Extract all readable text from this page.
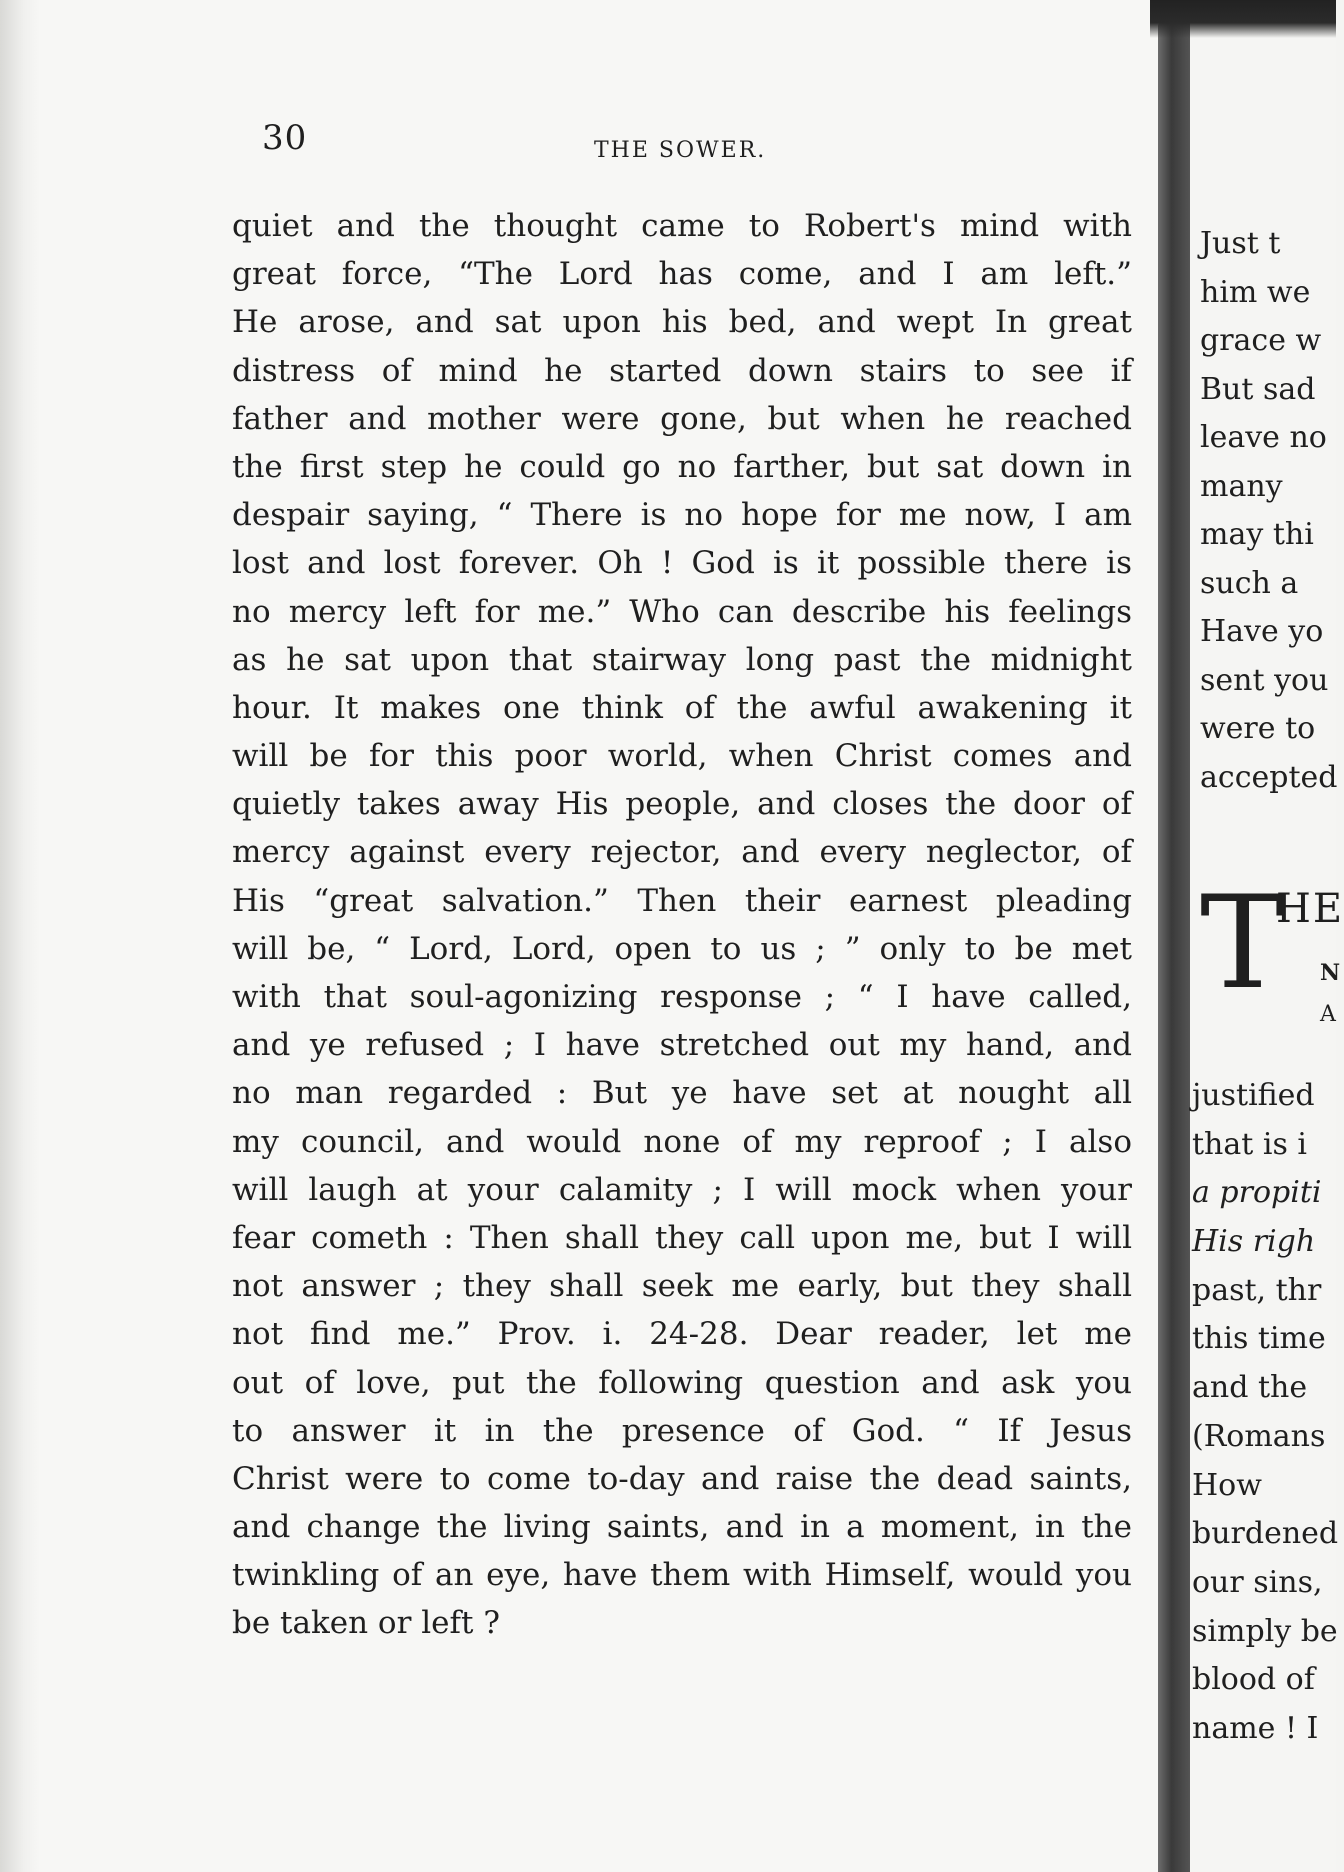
30	THE SOWER.
quiet and the thought came to Robert's mind with
great force, “The Lord has come, and I am left.”
He arose, and sat upon his bed, and wept In great
distress of mind he started down stairs to see if
father and mother were gone, but when he reached
the first step he could go no farther, but sat down in
despair saying, “ There is no hope for me now, I am
lost and lost forever. Oh ! God is it possible there is
no mercy left for me.” Who can describe his feelings
as he sat upon that stairway long past the midnight
hour. It makes one think of the awful awakening it
will be for this poor world, when Christ comes and
quietly takes away His people, and closes the door of
mercy against every rejector, and every neglector, of
His “great salvation.” Then their earnest pleading
will be, “ Lord, Lord, open to us ; ” only to be met
with that soul-agonizing response ; “ I have called,
and ye refused ; I have stretched out my hand, and
no man regarded : But ye have set at nought all
my council, and would none of my reproof ; I also
will laugh at your calamity ; I will mock when your
fear cometh : Then shall they call upon me, but I will
not answer ; they shall seek me early, but they shall
not find me.” Prov. i. 24-28. Dear reader, let me
out of love, put the following question and ask you
to answer it in the presence of God. “ If Jesus
Christ were to come to-day and raise the dead saints,
and change the living saints, and in a moment, in the
twinkling of an eye, have them with Himself, would you
be taken or left ?
Just t
him we
grace w
But sad
leave no
many
may thi
such a
Have yo
sent you
were to
accepted
T
HE
N
A
justified
that is i
a propiti
His righ
past, thr
this time
and the
(Romans
How
burdened
our sins,
simply be
blood of
name ! I
